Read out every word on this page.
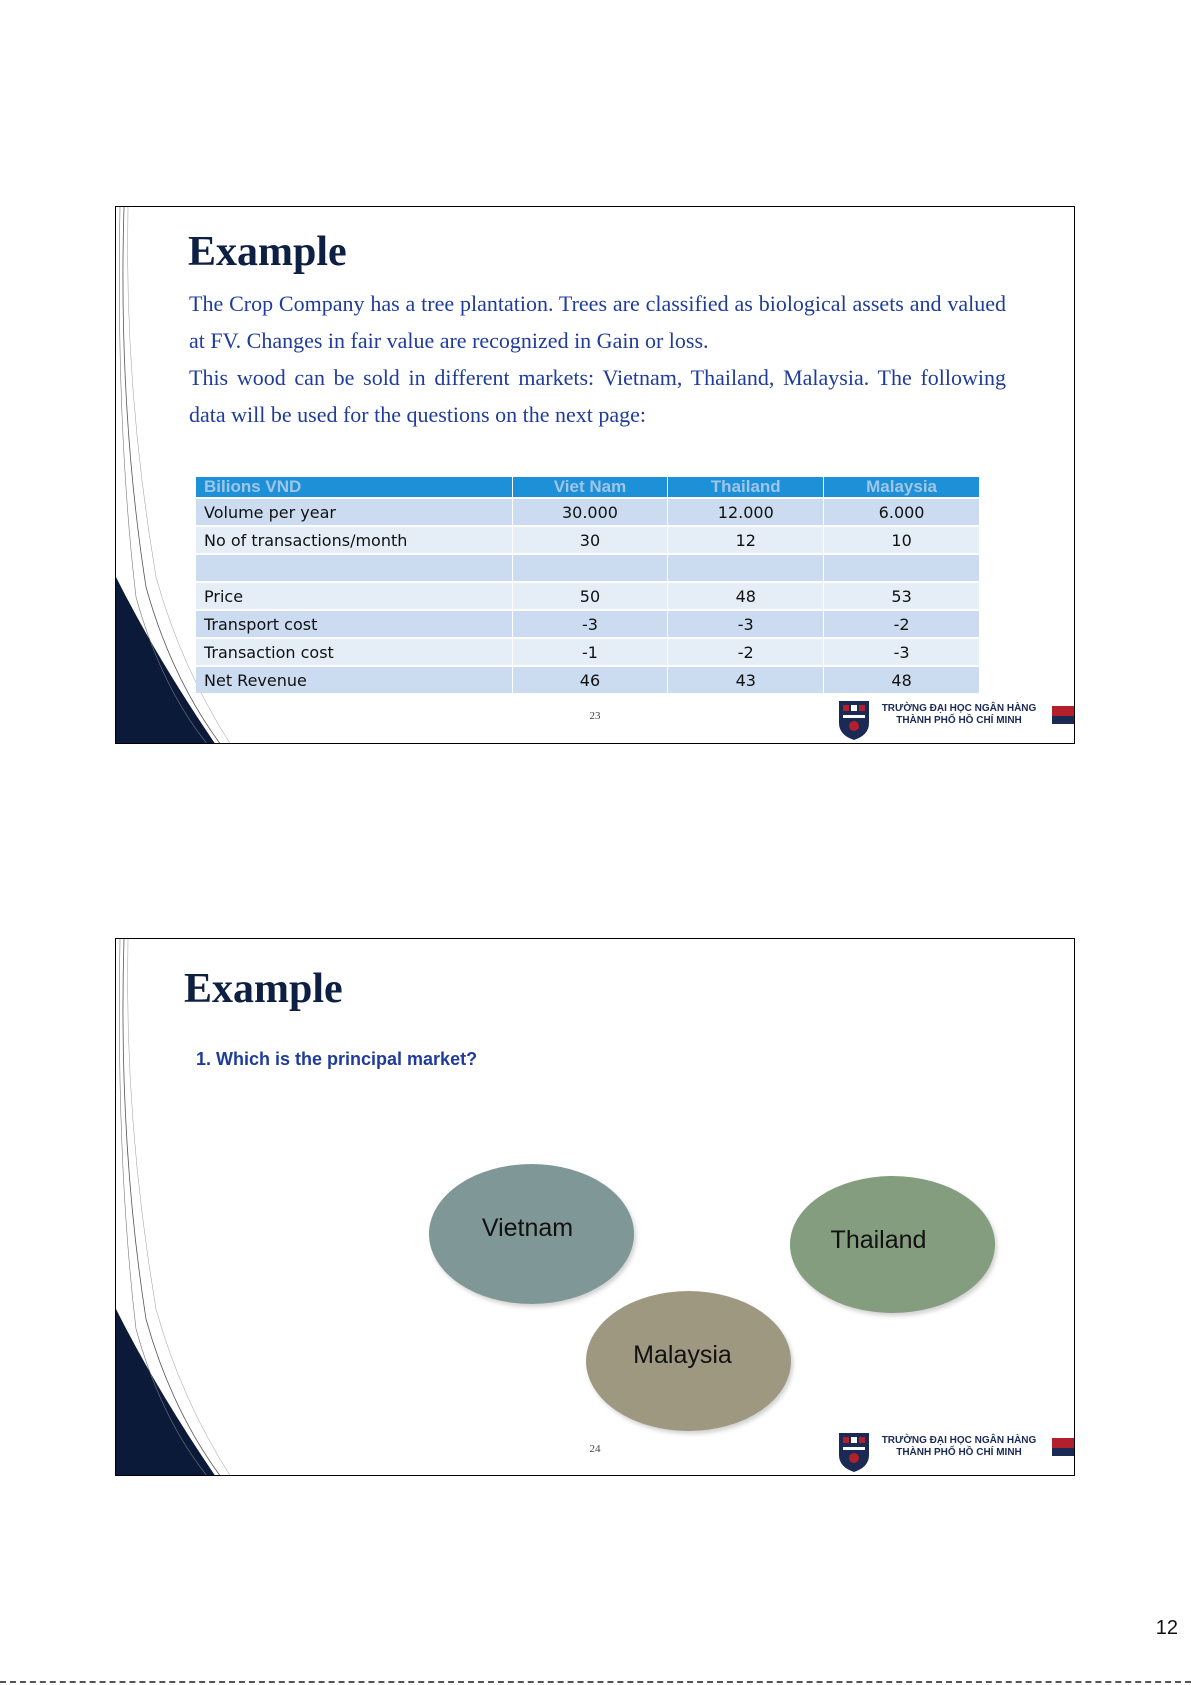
Example

The Crop Company has a tree plantation. Trees are classified as biological assets and valued at FV. Changes in fair value are recognized in Gain or loss.

This wood can be sold in different markets: Vietnam, Thailand, Malaysia. The following data will be used for the questions on the next page:

Bilions VND	Viet Nam	Thailand	Malaysia
Volume per year	30.000	12.000	6.000
No of transactions/month	30	12	10

Price	50	48	53
Transport cost	-3	-3	-2
Transaction cost	-1	-2	-3
Net Revenue	46	43	48
23
TRƯỜNG ĐẠI HỌC NGÂN HÀNG
THÀNH PHỐ HỒ CHÍ MINH
Example

1. Which is the principal market?

Vietnam	Thailand
Malaysia
24
TRƯỜNG ĐẠI HỌC NGÂN HÀNG
THÀNH PHỐ HỒ CHÍ MINH
12
